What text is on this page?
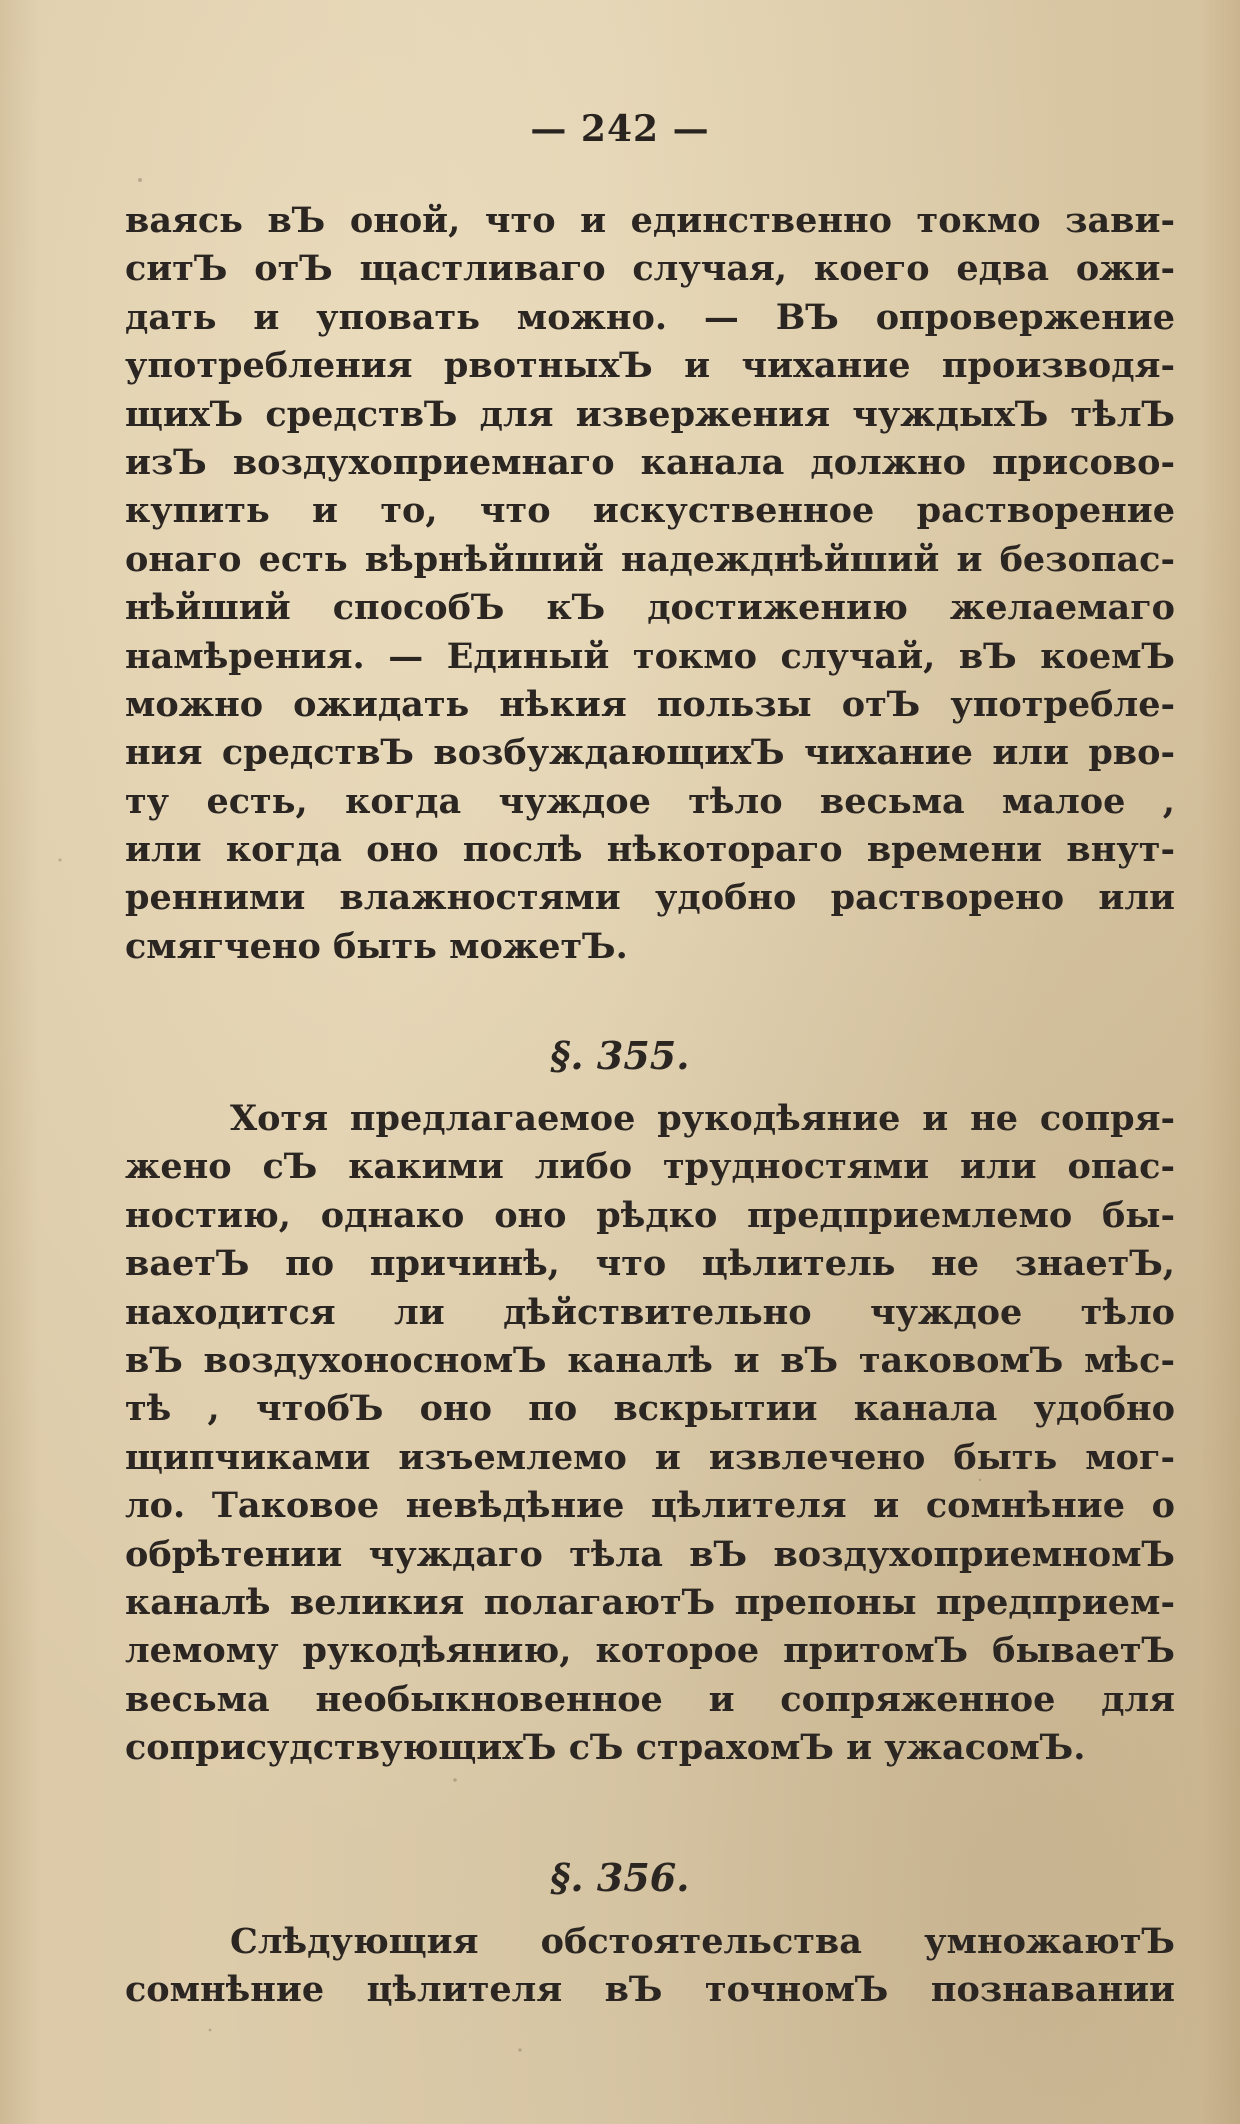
— 242 —
ваясь вЪ оной, что и единственно токмо зави-
ситЪ отЪ щастливаго случая, коего едва ожи-
дать и уповать можно. — ВЪ опровержение
употребления рвотныхЪ и чихание производя-
щихЪ средствЪ для извержения чуждыхЪ тѣлЪ
изЪ воздухоприемнаго канала должно присово-
купить и то, что искуственное растворение
онаго есть вѣрнѣйший надежднѣйший и безопас-
нѣйший способЪ кЪ достижению желаемаго
намѣрения. — Единый токмо случай, вЪ коемЪ
можно ожидать нѣкия пользы отЪ употребле-
ния средствЪ возбуждающихЪ чихание или рво-
ту есть, когда чуждое тѣло весьма малое ,
или когда оно послѣ нѣкотораго времени внут-
ренними влажностями удобно растворено или
смягчено быть можетЪ.
§. 355.
Хотя предлагаемое рукодѣяние и не сопря-
жено сЪ какими либо трудностями или опас-
ностию, однако оно рѣдко предприемлемо бы-
ваетЪ по причинѣ, что цѣлитель не знаетЪ,
находится ли дѣйствительно чуждое тѣло
вЪ воздухоносномЪ каналѣ и вЪ таковомЪ мѣс-
тѣ , чтобЪ оно по вскрытии канала удобно
щипчиками изъемлемо и извлечено быть мог-
ло. Таковое невѣдѣние цѣлителя и сомнѣние о
обрѣтении чуждаго тѣла вЪ воздухоприемномЪ
каналѣ великия полагаютЪ препоны предприем-
лемому рукодѣянию, котороe притомЪ бываетЪ
весьма необыкновенное и сопряженное для
соприсудствующихЪ сЪ страхомЪ и ужасомЪ.
§. 356.
Слѣдующия обстоятельства умножаютЪ
сомнѣние цѣлителя вЪ точномЪ познавании
